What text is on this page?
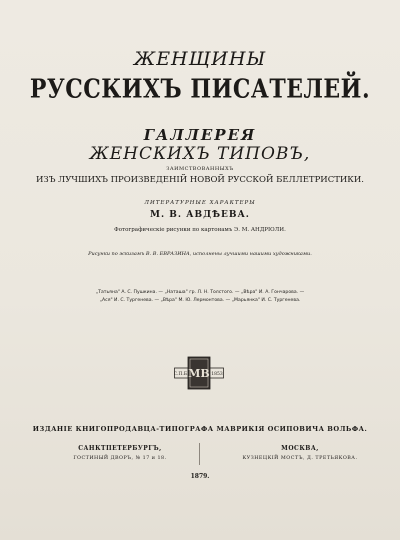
ЖЕНЩИНЫ
РУССКИХЪ ПИСАТЕЛЕЙ.
ГАЛЛЕРЕЯ
ЖЕНСКИХЪ ТИПОВЪ,
ЗАИМСТВОВАННЫХЪ
ИЗЪ ЛУЧШИХЪ ПРОИЗВЕДЕНІЙ НОВОЙ РУССКОЙ БЕЛЛЕТРИСТИКИ.
ЛИТЕРАТУРНЫЕ ХАРАКТЕРЫ
М. В. АВДѢЕВА.
Фотографическіе рисунки по картонамъ Э. М. АНДРІОЛИ.
Рисунки по эскизамъ В. В. ЕВРАЗИНА, исполнены лучшими нашими художниками.
„Татьяна" А. С. Пушкина. — „Наташа" гр. Л. Н. Толстого. — „Вѣра" И. А. Гончарова. —
„Ася" И. С. Тургенева. — „Вѣра" М. Ю. Лермонтова. — „Марьянка" И. С. Тургенева.
С.П.Б.	1853
МВ
ИЗДАНІЕ КНИГОПРОДАВЦА-ТИПОГРАФА МАВРИКІЯ ОСИПОВИЧА ВОЛЬФА.
САНКТПЕТЕРБУРГЪ,
ГОСТИНЫЙ ДВОРЪ, № 17 и 18.
МОСКВА,
КУЗНЕЦКІЙ МОСТЪ, Д. ТРЕТЬЯКОВА.
1879.
